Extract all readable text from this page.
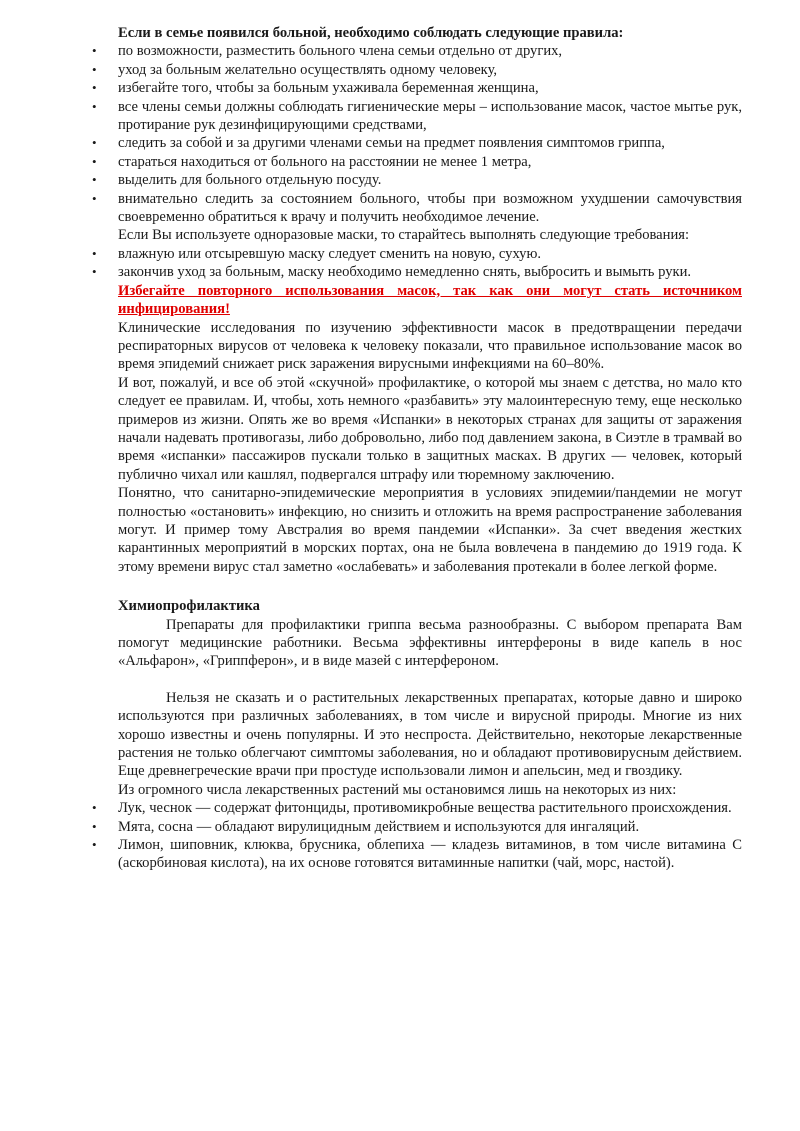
Если в семье появился больной, необходимо соблюдать следующие правила:

• по возможности, разместить больного члена семьи отдельно от других,
• уход за больным желательно осуществлять одному человеку,
• избегайте того, чтобы за больным ухаживала беременная женщина,
• все члены семьи должны соблюдать гигиенические меры – использование масок, частое мытье рук, протирание рук дезинфицирующими средствами,
• следить за собой и за другими членами семьи на предмет появления симптомов гриппа,
• стараться находиться от больного на расстоянии не менее 1 метра,
• выделить для больного отдельную посуду.
• внимательно следить за состоянием больного, чтобы при возможном ухудшении самочувствия своевременно обратиться к врачу и получить необходимое лечение.

Если Вы используете одноразовые маски, то старайтесь выполнять следующие требования:

• влажную или отсыревшую маску следует сменить на новую, сухую.
• закончив уход за больным, маску необходимо немедленно снять, выбросить и вымыть руки.

Избегайте повторного использования масок, так как они могут стать источником инфицирования!

Клинические исследования по изучению эффективности масок в предотвращении передачи респираторных вирусов от человека к человеку показали, что правильное использование масок во время эпидемий снижает риск заражения вирусными инфекциями на 60–80%.

И вот, пожалуй, и все об этой «скучной» профилактике, о которой мы знаем с детства, но мало кто следует ее правилам. И, чтобы, хоть немного «разбавить» эту малоинтересную тему, еще несколько примеров из жизни. Опять же во время «Испанки» в некоторых странах для защиты от заражения начали надевать противогазы, либо добровольно, либо под давлением закона, в Сиэтле в трамвай во время «испанки» пассажиров пускали только в защитных масках. В других — человек, который публично чихал или кашлял, подвергался штрафу или тюремному заключению.

Понятно, что санитарно-эпидемические мероприятия в условиях эпидемии/пандемии не могут полностью «остановить» инфекцию, но снизить и отложить на время распространение заболевания могут. И пример тому Австралия во время пандемии «Испанки». За счет введения жестких карантинных мероприятий в морских портах, она не была вовлечена в пандемию до 1919 года. К этому времени вирус стал заметно «ослабевать» и заболевания протекали в более легкой форме.

Химиопрофилактика

Препараты для профилактики гриппа весьма разнообразны. С выбором препарата Вам помогут медицинские работники. Весьма эффективны интерфероны в виде капель в нос «Альфарон», «Гриппферон», и в виде мазей с интерфероном.

Нельзя не сказать и о растительных лекарственных препаратах, которые давно и широко используются при различных заболеваниях, в том числе и вирусной природы. Многие из них хорошо известны и очень популярны. И это неспроста. Действительно, некоторые лекарственные растения не только облегчают симптомы заболевания, но и обладают противовирусным действием. Еще древнегреческие врачи при простуде использовали лимон и апельсин, мед и гвоздику.

Из огромного числа лекарственных растений мы остановимся лишь на некоторых из них:

• Лук, чеснок — содержат фитонциды, противомикробные вещества растительного происхождения.
• Мята, сосна — обладают вирулицидным действием и используются для ингаляций.
• Лимон, шиповник, клюква, брусника, облепиха — кладезь витаминов, в том числе витамина С (аскорбиновая кислота), на их основе готовятся витаминные напитки (чай, морс, настой).
